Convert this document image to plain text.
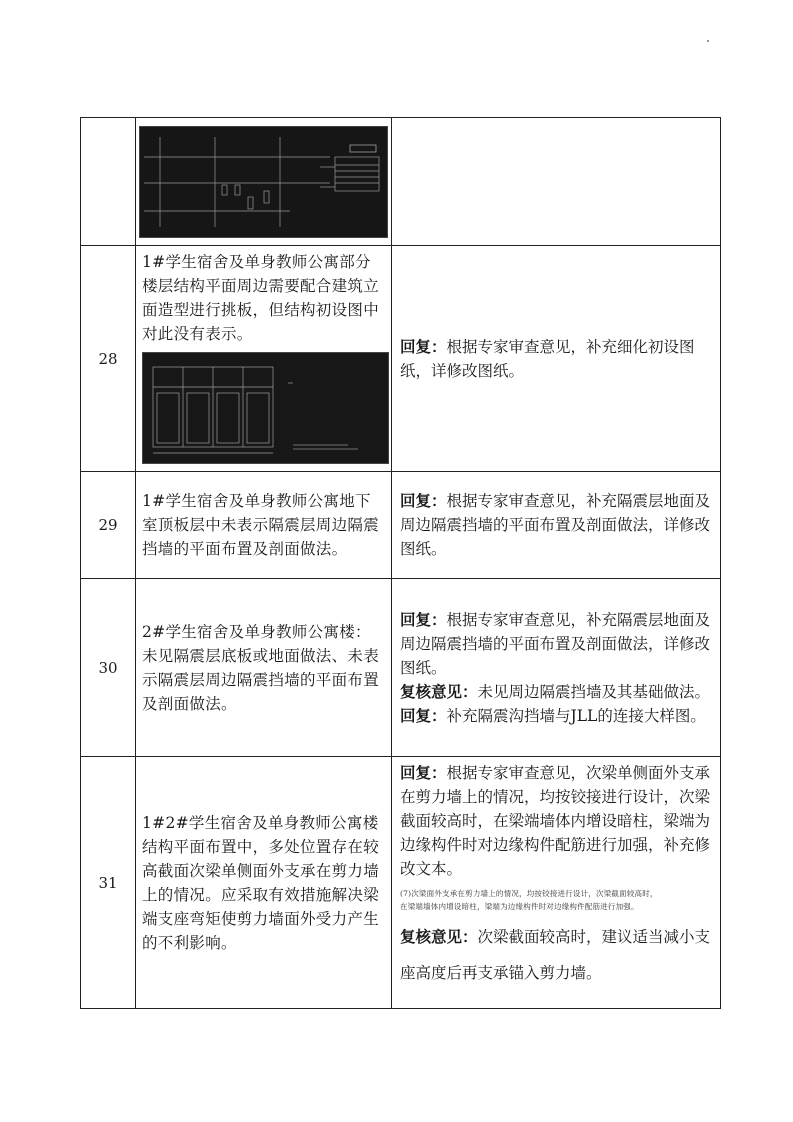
28	1#学生宿舍及单身教师公寓部分楼层结构平面周边需要配合建筑立面造型进行挑板，但结构初设图中对此没有表示。	回复：根据专家审查意见，补充细化初设图纸，详修改图纸。

29	1#学生宿舍及单身教师公寓地下室顶板层中未表示隔震层周边隔震挡墙的平面布置及剖面做法。	回复：根据专家审查意见，补充隔震层地面及周边隔震挡墙的平面布置及剖面做法，详修改图纸。

30	2#学生宿舍及单身教师公寓楼：未见隔震层底板或地面做法、未表示隔震层周边隔震挡墙的平面布置及剖面做法。	回复：根据专家审查意见，补充隔震层地面及周边隔震挡墙的平面布置及剖面做法，详修改图纸。

复核意见：未见周边隔震挡墙及其基础做法。

回复：补充隔震沟挡墙与JLL的连接大样图。

31	1#2#学生宿舍及单身教师公寓楼结构平面布置中，多处位置存在较高截面次梁单侧面外支承在剪力墙上的情况。应采取有效措施解决梁端支座弯矩使剪力墙面外受力产生的不利影响。	回复：根据专家审查意见，次梁单侧面外支承在剪力墙上的情况，均按铰接进行设计，次梁截面较高时，在梁端墙体内增设暗柱，梁端为边缘构件时对边缘构件配筋进行加强，补充修改文本。

(7)次梁面外支承在剪力墙上的情况，均按铰接进行设计，次梁截面较高时，
在梁端墙体内增设暗柱，梁端为边缘构件时对边缘构件配筋进行加强。

复核意见：次梁截面较高时，建议适当减小支座高度后再支承锚入剪力墙。
